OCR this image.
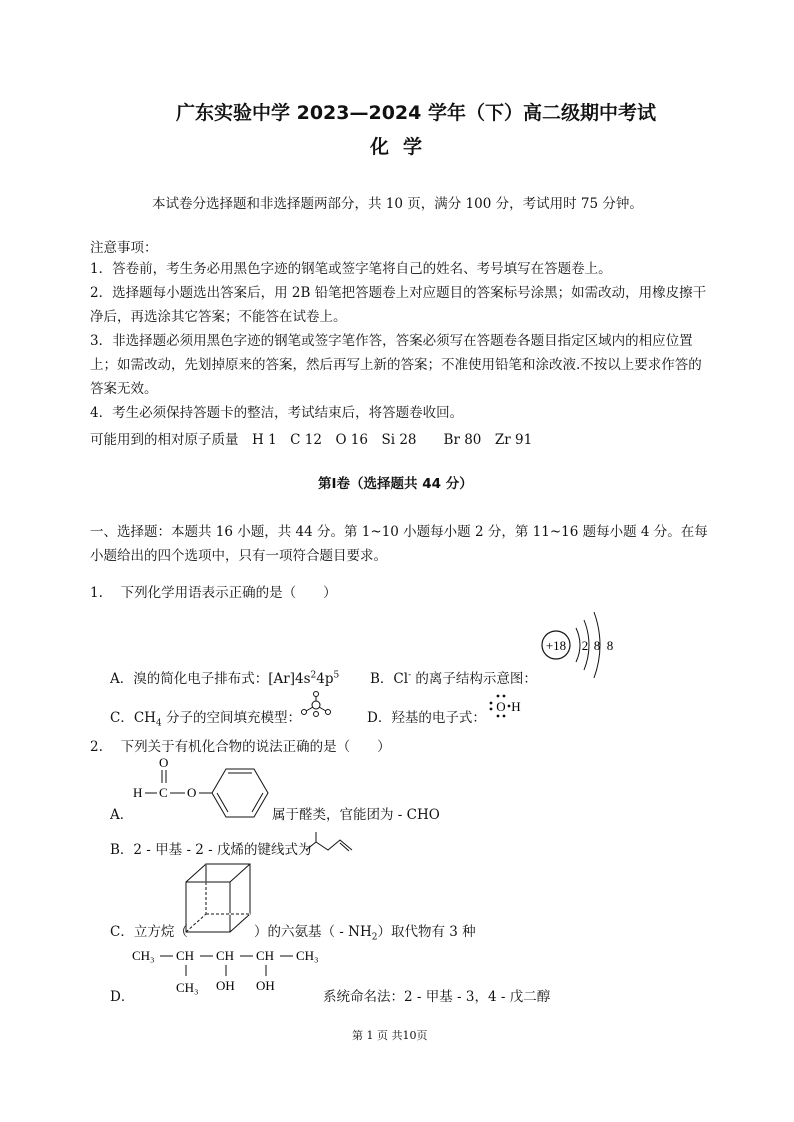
广东实验中学 2023—2024 学年（下）高二级期中考试
化学
本试卷分选择题和非选择题两部分，共 10 页，满分 100 分，考试用时 75 分钟。
注意事项：
1．答卷前，考生务必用黑色字迹的钢笔或签字笔将自己的姓名、考号填写在答题卷上。
2．选择题每小题选出答案后，用 2B 铅笔把答题卷上对应题目的答案标号涂黑；如需改动，用橡皮擦干净后，再选涂其它答案；不能答在试卷上。
3．非选择题必须用黑色字迹的钢笔或签字笔作答，答案必须写在答题卷各题目指定区域内的相应位置上；如需改动，先划掉原来的答案，然后再写上新的答案；不准使用铅笔和涂改液.不按以上要求作答的答案无效。
4．考生必须保持答题卡的整洁，考试结束后，将答题卷收回。
可能用到的相对原子质量　H 1　C 12　O 16　Si 28　　Br 80　Zr 91
第Ⅰ卷（选择题共 44 分）
一、选择题：本题共 16 小题，共 44 分。第 1~10 小题每小题 2 分，第 11~16 题每小题 4 分。在每小题给出的四个选项中，只有一项符合题目要求。
1.　 下列化学用语表示正确的是（　　）
A．溴的简化电子排布式：$[Ar]4s^24p^5$ B．Cl- 的离子结构示意图：
+18 2 8 8
C．$CH_4$ 分子的空间填充模型：	D．羟基的电子式：
O H
2.　 下列关于有机化合物的说法正确的是（　　）
A．
H C
O
O
属于醛类，官能团为 - CHO
B．2 - 甲基 - 2 - 戊烯的键线式为
C．立方烷（	）的六氨基（ - $NH_2$）取代物有 3 种
D．
CH₃ CH CH CH CH₃
CH₃ OH OH
系统命名法：2 - 甲基 - 3，4 - 戊二醇
第 1 页 共10页
